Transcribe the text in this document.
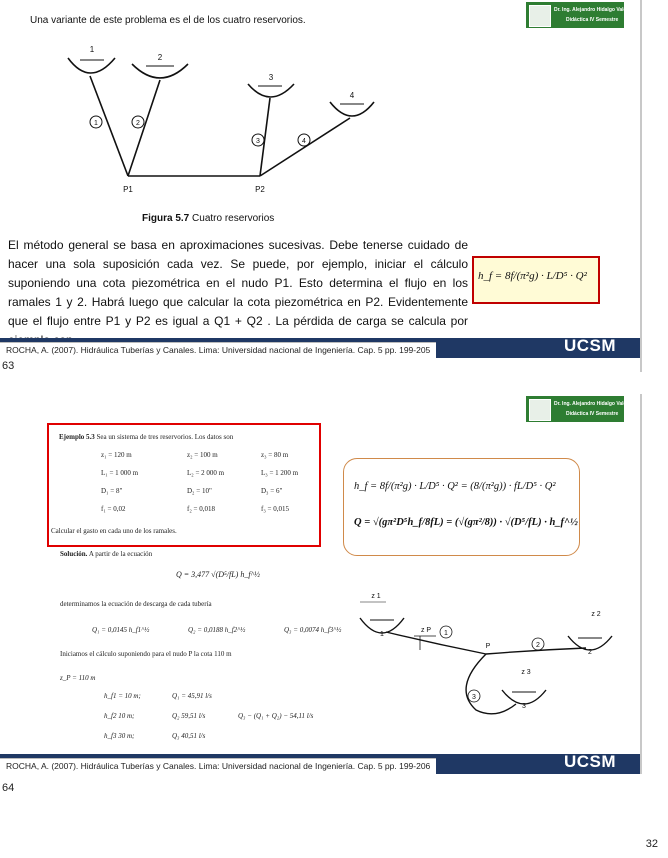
Una variante de este problema es el de los cuatro reservorios.
Dr. Ing. Alejandro Hidalgo Valdivia
Didáctica IV Semestre
1
2
3
4
1	2
3	4
P1	P2
Figura 5.7 Cuatro reservorios
El método general se basa en aproximaciones sucesivas. Debe tenerse cuidado de hacer una sola suposición cada vez. Se puede, por ejemplo, iniciar el cálculo suponiendo una cota piezométrica en el nudo P1. Esto determina el flujo en los ramales 1 y 2. Habrá luego que calcular la cota piezométrica en P2. Evidentemente que el flujo entre P1 y P2 es igual a Q1 + Q2 . La pérdida de carga se calcula por
h_f = 8f/(π²g) · L/D⁵ · Q²
ROCHA, A. (2007). Hidráulica Tuberías y Canales. Lima: Universidad nacional de Ingeniería. Cap. 5 pp. 199-205	UCSM
63
Dr. Ing. Alejandro Hidalgo Valdivia
Didáctica IV Semestre
Ejemplo 5.3 Sea un sistema de tres reservorios. Los datos son
z₁ = 120 m	z₂ = 100 m	z₃ = 80 m
L₁ = 1 000 m	L₂ = 2 000 m	L₃ = 1 200 m
D₁ = 8"	D₂ = 10"	D₃ = 6"
f₁ = 0,02	f₂ = 0,018	f₃ = 0,015
Calcular el gasto en cada uno de los ramales.
Solución. A partir de la ecuación
Q = 3,477 √(D⁵/fL) h_f^½
determinamos la ecuación de descarga de cada tubería
Q₁ = 0,0145 h_f1^½	Q₂ = 0,0188 h_f2^½	Q₃ = 0,0074 h_f3^½
Iniciamos el cálculo suponiendo para el nudo P la cota 110 m
z_P = 110 m
h_f1 = 10 m;	Q₁ = 45,91 l/s
h_f2 10 m;	Q₂ 59,51 l/s	Q₃ − (Q₁ + Q₂) − 54,11 l/s
h_f3 30 m;	Q₃ 40,51 l/s
h_f = 8f/(π²g) · L/D⁵ · Q² = (8/(π²g)) · fL/D⁵ · Q²
Q = √(gπ²D⁵h_f/8fL) = (√(gπ²/8)) · √(D⁵/fL) · h_f^½
z 1
z 2
z 3
z P
P
1
2
3
1
2
3
ROCHA, A. (2007). Hidráulica Tuberías y Canales. Lima: Universidad nacional de Ingeniería. Cap. 5 pp. 199-206	UCSM
64
32
